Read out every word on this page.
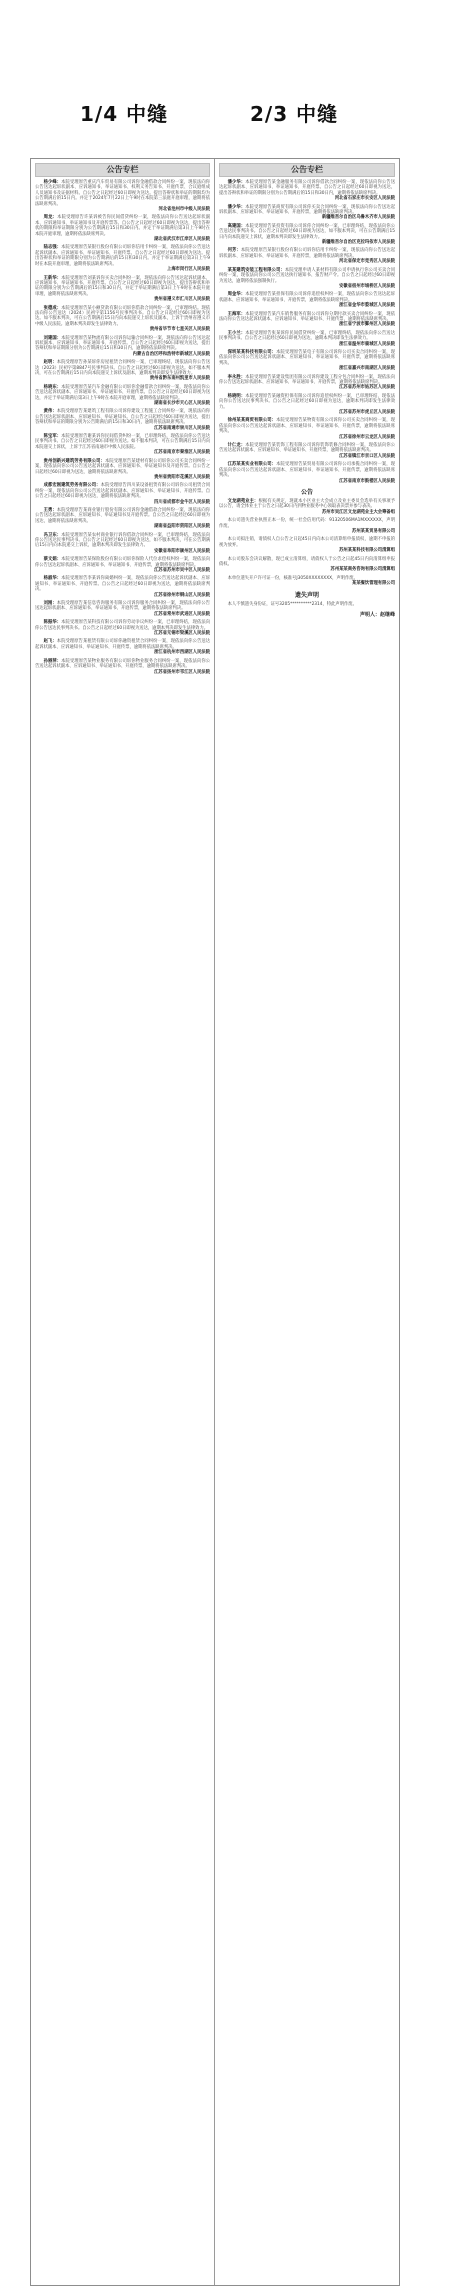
1/4 中缝	2/3 中缝
公告专栏
杨少峰：本院受理原告重庆汽车贸易有限公司诉你金融借款合同纠纷一案，现依法向你公告送达起诉状副本、应诉通知书、举证通知书、权利义务告知书、开庭传票、合议庭组成人员通知书及证据材料。自公告之日起经过60日即视为送达。提出答辩状和举证的期限均为公告期满后的15日内。并定于2024年7月22日上午9时在本院第三法庭开庭审理，逾期将依法缺席判决。
河北省沧州市中级人民法院
周龙：本院受理原告许某诉被告你民间借贷纠纷一案，现依法向你公告送达起诉状副本、应诉通知书、举证通知书及开庭传票等。自公告之日起经过60日即视为送达，提出答辩状的期限和举证期限分别为公告期满后15日和30日内。并定于举证期满后第3日上午9时在本院开庭审理，逾期将依法缺席判决。
湖北省武汉市江岸区人民法院
陆志强：本院受理原告某银行股份有限公司诉你信用卡纠纷一案，现依法向你公告送达起诉状副本、应诉通知书、举证通知书、开庭传票。自公告之日起经过60日即视为送达。提出答辩状和举证的期限分别为公告期满后的15日和30日内。并定于举证期满后第3日上午9时在本院开庭审理，逾期将依法缺席判决。
上海市闵行区人民法院
王新华：本院受理原告刘某诉你买卖合同纠纷一案，现依法向你公告送达起诉状副本、应诉通知书、举证通知书、开庭传票。自公告之日起经过60日即视为送达。提出答辩状和举证的期限分别为公告期满后的15日和30日内，并定于举证期满后第3日上午9时在本院开庭审理，逾期将依法缺席判决。
贵州省遵义市汇川区人民法院
张德成：本院受理原告某小额贷款有限公司诉你借款合同纠纷一案，已审理终结。现依法向你公告送达（2024）民初字第1156号民事判决书。自公告之日起经过60日即视为送达。如不服本判决，可在公告期满后15日内向本院递交上诉状及副本，上诉于贵州省遵义市中级人民法院。逾期本判决即发生法律效力。
贵州省毕节市七星关区人民法院
刘建国：本院受理原告某物流有限公司诉你运输合同纠纷一案，现依法向你公告送达起诉状副本、应诉通知书、举证通知书、开庭传票。自公告之日起经过60日即视为送达，提出答辩状和举证期限分别为公告期满后15日和30日内，逾期将依法缺席判决。
内蒙古自治区呼和浩特市新城区人民法院
赵明：本院受理原告孙某诉你房屋租赁合同纠纷一案，已审理终结，现依法向你公告送达（2023）民初字第8847号民事判决书。自公告之日起经过60日即视为送达。如不服本判决，可在公告期满后15日内向本院递交上诉状及副本，逾期本判决即发生法律效力。
贵州省黔东南州凯里市人民法院
杨晓东：本院受理原告某汽车金融有限公司诉你金融借款合同纠纷一案，现依法向你公告送达起诉状副本、应诉通知书、举证通知书、开庭传票。自公告之日起经过60日即视为送达，并定于举证期满后第3日上午9时在本院开庭审理，逾期将依法缺席判决。
湖南省长沙市天心区人民法院
黄伟：本院受理原告某建筑工程有限公司诉你建设工程施工合同纠纷一案，现依法向你公告送达起诉状副本、应诉通知书、举证通知书。自公告之日起经过60日即视为送达，提出答辩状和举证的期限分别为公告期满后的15日和30日内，逾期将依法缺席判决。
江苏省南通市崇川区人民法院
陈宝军：本院受理原告谢某诉你民间借贷纠纷一案，已审理终结，现依法向你公告送达民事判决书。自公告之日起经过60日即视为送达。如不服本判决，可在公告期满后15日内向本院递交上诉状，上诉于江苏省南通市中级人民法院。
江苏省南京市秦淮区人民法院
贵州创新兴建筑劳务有限公司：本院受理原告某建材有限公司诉你公司买卖合同纠纷一案，现依法向你公司公告送达起诉状副本、应诉通知书、举证通知书及开庭传票。自公告之日起经过60日即视为送达，逾期将依法缺席判决。
贵州省贵阳市花溪区人民法院
成都宏刚建筑劳务有限公司：本院受理原告四川某设备租赁有限公司诉你公司租赁合同纠纷一案，现依法向你公司公告送达起诉状副本、应诉通知书、举证通知书、开庭传票。自公告之日起经过60日即视为送达，逾期将依法缺席判决。
四川省成都市金牛区人民法院
王勇：本院受理原告某商业银行股份有限公司诉你金融借款合同纠纷一案，现依法向你公告送达起诉状副本、应诉通知书、举证通知书及开庭传票。自公告之日起经过60日即视为送达，逾期将依法缺席判决。
湖南省益阳市资阳区人民法院
冯卫东：本院受理原告某农村商业银行诉你借款合同纠纷一案，已审理终结，现依法向你公告送达民事判决书。自公告之日起经过60日即视为送达，如不服本判决，可在公告期满后15日内向本院递交上诉状，逾期本判决即发生法律效力。
安徽省阜阳市颍州区人民法院
蔡文娟：本院受理原告某保险股份有限公司诉你保险人代位求偿权纠纷一案，现依法向你公告送达起诉状副本、应诉通知书、举证通知书、开庭传票，逾期将依法缺席判决。
江苏省苏州市吴中区人民法院
杨淑华：本院受理原告李某诉你离婚纠纷一案，现依法向你公告送达起诉状副本、应诉通知书、举证通知书、开庭传票。自公告之日起经过60日即视为送达，逾期将依法缺席判决。
江苏省徐州市铜山区人民法院
刘刚：本院受理原告某信息咨询服务有限公司诉你服务合同纠纷一案，现依法向你公告送达起诉状副本、应诉通知书、举证通知书、开庭传票，逾期将依法缺席判决。
江苏省常州市武进区人民法院
陈振华：本院受理原告某科技有限公司诉你劳动争议纠纷一案，已审理终结，现依法向你公告送达民事判决书。自公告之日起经过60日即视为送达，逾期本判决即发生法律效力。
江苏省无锡市梁溪区人民法院
赵飞：本院受理原告某租赁有限公司诉你融资租赁合同纠纷一案，现依法向你公告送达起诉状副本、应诉通知书、举证通知书、开庭传票，逾期将依法缺席判决。
浙江省杭州市西湖区人民法院
孙丽萍：本院受理原告某物业服务有限公司诉你物业服务合同纠纷一案，现依法向你公告送达起诉状副本、应诉通知书、举证通知书、开庭传票，逾期将依法缺席判决。
江苏省扬州市邗江区人民法院
公告专栏
潘少华：本院受理原告某金融服务有限公司诉你借款合同纠纷一案，现依法向你公告送达起诉状副本、应诉通知书、举证通知书、开庭传票。自公告之日起经过60日即视为送达，提出答辩状和举证的期限分别为公告期满后的15日和30日内，逾期将依法缺席判决。
河北省石家庄市长安区人民法院
潘少华：本院受理原告某商贸有限公司诉你买卖合同纠纷一案，现依法向你公告送达起诉状副本、应诉通知书、举证通知书、开庭传票，逾期将依法缺席判决。
新疆维吾尔自治区乌鲁木齐市人民法院
高建国：本院受理原告某投资有限公司诉你合同纠纷一案，已审理终结，现依法向你公告送达民事判决书。自公告之日起经过60日即视为送达，如不服本判决，可在公告期满后15日内向本院递交上诉状，逾期本判决即发生法律效力。
新疆维吾尔自治区克拉玛依市人民法院
何芳：本院受理原告某银行股份有限公司诉你信用卡纠纷一案，现依法向你公告送达起诉状副本、应诉通知书、举证通知书、开庭传票，逾期将依法缺席判决。
河北省保定市竞秀区人民法院
某某建筑安装工程有限公司：本院受理申请人某材料有限公司申请执行你公司买卖合同纠纷一案，现依法向你公司公告送达执行通知书、报告财产令。自公告之日起经过60日即视为送达，逾期将依法强制执行。
安徽省宿州市埇桥区人民法院
周金华：本院受理原告某担保有限公司诉你追偿权纠纷一案，现依法向你公告送达起诉状副本、应诉通知书、举证通知书、开庭传票，逾期将依法缺席判决。
浙江省金华市婺城区人民法院
王海军：本院受理原告某汽车销售服务有限公司诉你分期付款买卖合同纠纷一案，现依法向你公告送达起诉状副本、应诉通知书、举证通知书、开庭传票，逾期将依法缺席判决。
浙江省宁波市鄞州区人民法院
王小兰：本院受理原告张某诉你民间借贷纠纷一案，已审理终结，现依法向你公告送达民事判决书。自公告之日起经过60日即视为送达，逾期本判决即发生法律效力。
浙江省温州市鹿城区人民法院
深圳某某科技有限公司：本院受理原告某电子有限公司诉你公司买卖合同纠纷一案，现依法向你公司公告送达起诉状副本、应诉通知书、举证通知书、开庭传票，逾期将依法缺席判决。
浙江省嘉兴市南湖区人民法院
李永胜：本院受理原告某建设集团有限公司诉你建设工程分包合同纠纷一案，现依法向你公告送达起诉状副本、应诉通知书、举证通知书、开庭传票，逾期将依法缺席判决。
江苏省苏州市姑苏区人民法院
杨晓明：本院受理原告某融资担保有限公司诉你追偿权纠纷一案，已审理终结，现依法向你公告送达民事判决书。自公告之日起经过60日即视为送达，逾期本判决即发生法律效力。
江苏省苏州市虎丘区人民法院
徐州某某商贸有限公司：本院受理原告某物资有限公司诉你公司买卖合同纠纷一案，现依法向你公司公告送达起诉状副本、应诉通知书、举证通知书、开庭传票，逾期将依法缺席判决。
江苏省徐州市云龙区人民法院
计仁龙：本院受理原告某装饰工程有限公司诉你装饰装修合同纠纷一案，现依法向你公告送达起诉状副本、应诉通知书、举证通知书、开庭传票，逾期将依法缺席判决。
江苏省镇江市京口区人民法院
江苏某某实业有限公司：本院受理原告某贸易有限公司诉你公司承揽合同纠纷一案，现依法向你公司公告送达起诉状副本、应诉通知书、举证通知书、开庭传票，逾期将依法缺席判决。
江苏省南京市鼓楼区人民法院
公告
文龙湖苑业主：根据有关规定，现就本小区业主大会成立及业主委员会选举有关事项予以公告，请全体业主于公告之日起30日内到物业服务中心领取表决票并参与表决。
苏州市吴江区文龙湖苑业主大会筹备组
本公司遗失营业执照正本一份，统一社会信用代码：91320506MA1MXXXXXX，声明作废。
苏州某某贸易有限公司
本公司拟注销，请债权人自公告之日起45日内向本公司清算组申报债权，逾期不申报的视为放弃。
苏州某某科技有限公司清算组
本公司股东会决议解散，现已成立清算组，请债权人于公告之日起45日内向清算组申报债权。
苏州某某商务咨询有限公司清算组
本单位遗失开户许可证一份，核准号J3050XXXXXXXX，声明作废。
某某餐饮管理有限公司
遗失声明
本人不慎遗失身份证，证号3205**********2314，特此声明作废。
声明人：赵继峰
